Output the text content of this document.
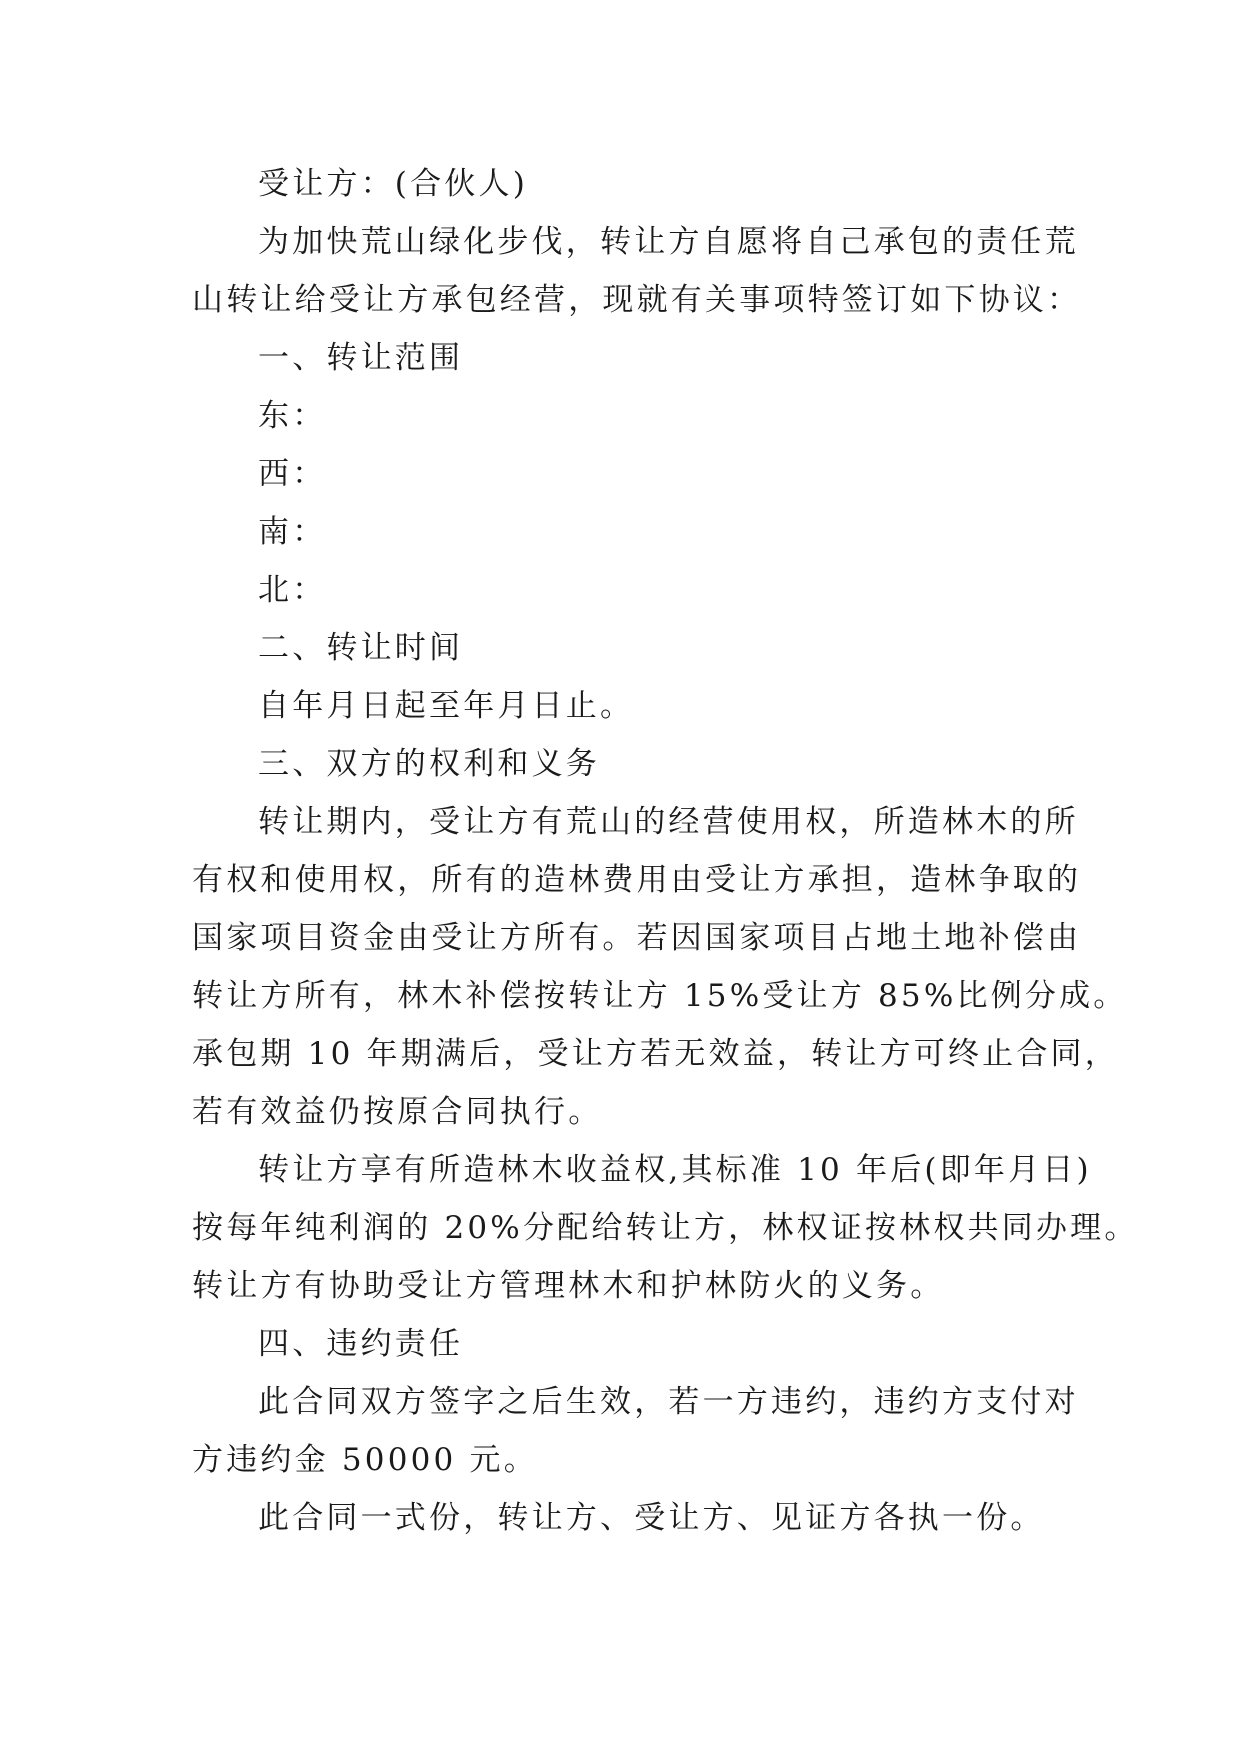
受让方：(合伙人)
为加快荒山绿化步伐，转让方自愿将自己承包的责任荒
山转让给受让方承包经营，现就有关事项特签订如下协议：
一、转让范围
东：
西：
南：
北：
二、转让时间
自年月日起至年月日止。
三、双方的权利和义务
转让期内，受让方有荒山的经营使用权，所造林木的所
有权和使用权，所有的造林费用由受让方承担，造林争取的
国家项目资金由受让方所有。若因国家项目占地土地补偿由
转让方所有，林木补偿按转让方 15%受让方 85%比例分成。
承包期 10 年期满后，受让方若无效益，转让方可终止合同，
若有效益仍按原合同执行。
转让方享有所造林木收益权,其标准 10 年后(即年月日)
按每年纯利润的 20%分配给转让方，林权证按林权共同办理。
转让方有协助受让方管理林木和护林防火的义务。
四、违约责任
此合同双方签字之后生效，若一方违约，违约方支付对
方违约金 50000 元。
此合同一式份，转让方、受让方、见证方各执一份。
